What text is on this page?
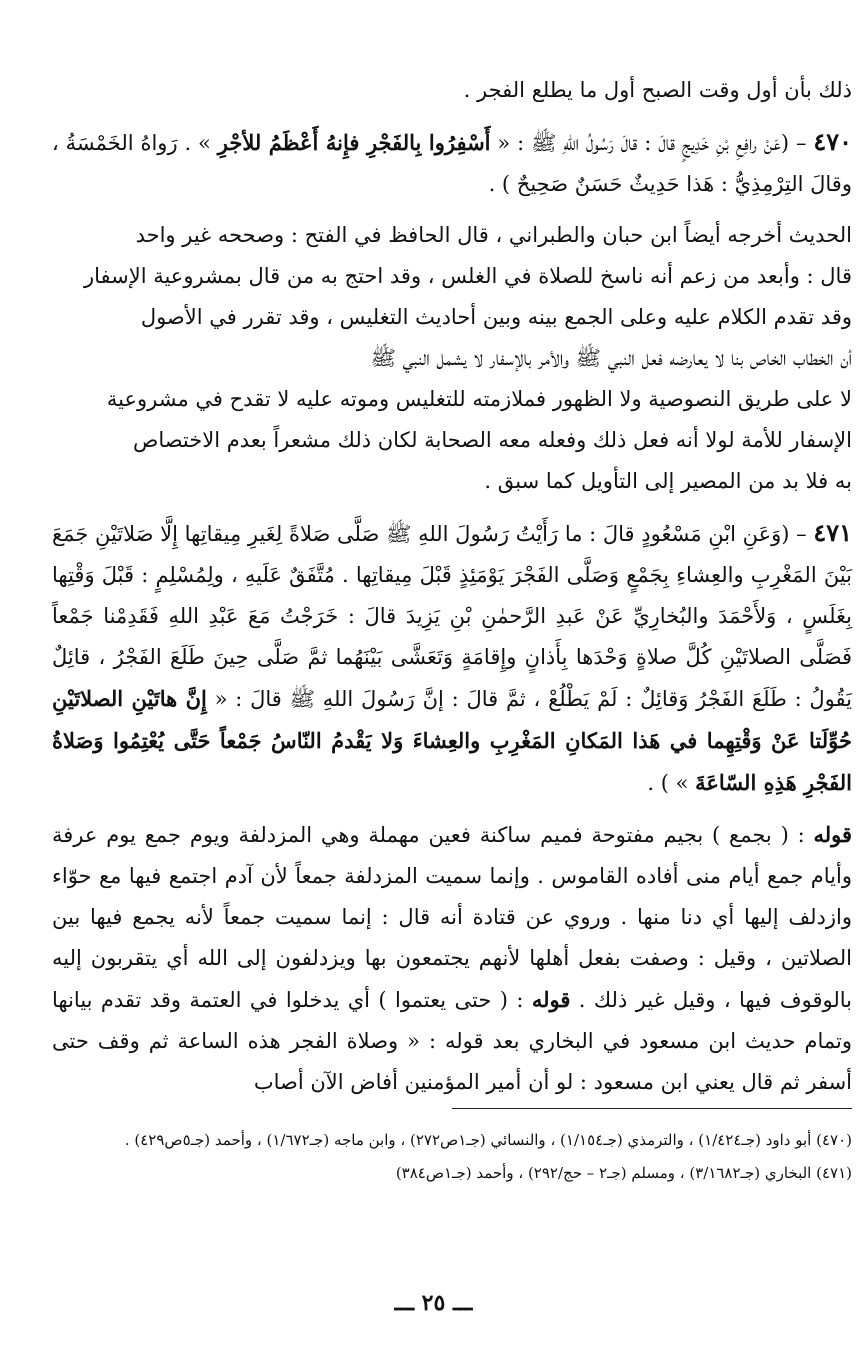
ذلك بأن أول وقت الصبح أول ما يطلع الفجر .

٤٧٠ – (عَنْ رافِعِ بْنِ خَدِيجٍ قالَ : قالَ رَسُولُ اللهِ ﷺ : « أَسْفِرُوا بِالفَجْرِ فإِنهُ أَعْظَمُ للأجْرِ » . رَواهُ الخَمْسَةُ ، وقالَ التِرْمِذِيُّ : هَذا حَدِيثٌ حَسَنٌ صَحِيحٌ ) .

الحديث أخرجه أيضاً ابن حبان والطبراني ، قال الحافظ في الفتح : وصححه غير واحد

قال : وأبعد من زعم أنه ناسخ للصلاة في الغلس ، وقد احتج به من قال بمشروعية الإسفار

وقد تقدم الكلام عليه وعلى الجمع بينه وبين أحاديث التغليس ، وقد تقرر في الأصول

أن الخطاب الخاص بنا لا يعارضه فعل النبي ﷺ والأمر بالإسفار لا يشمل النبي ﷺ

لا على طريق النصوصية ولا الظهور فملازمته للتغليس وموته عليه لا تقدح في مشروعية

الإسفار للأمة لولا أنه فعل ذلك وفعله معه الصحابة لكان ذلك مشعراً بعدم الاختصاص

به فلا بد من المصير إلى التأويل كما سبق .

٤٧١ – (وَعَنِ ابْنِ مَسْعُودٍ قالَ : ما رَأَيْتُ رَسُولَ اللهِ ﷺ صَلَّى صَلاةً لِغَيرِ مِيقاتِها إِلَّا صَلاتَيْنِ جَمَعَ بَيْنَ المَغْرِبِ والعِشاءِ بِجَمْعٍ وَصَلَّى الفَجْرَ يَوْمَئِذٍ قَبْلَ مِيقاتِها . مُتَّفَقٌ عَلَيهِ ، ولِمُسْلِمٍ : قَبْلَ وَقْتِها بِغَلَسٍ ، وَلأَحْمَدَ والبُخارِيِّ عَنْ عَبدِ الرَّحمٰنِ بْنِ يَزِيدَ قالَ : خَرَجْتُ مَعَ عَبْدِ اللهِ فَقَدِمْنا جَمْعاً فَصَلَّى الصلاتَيْنِ كُلَّ صلاةٍ وَحْدَها بِأَذانٍ وإِقامَةٍ وَتَعَشَّى بَيْنَهُما ثمَّ صَلَّى حِينَ طَلَعَ الفَجْرُ ، قائِلٌ يَقُولُ : طَلَعَ الفَجْرُ وَقائِلٌ : لَمْ يَطْلُعْ ، ثمَّ قالَ : إنَّ رَسُولَ اللهِ ﷺ قالَ : « إِنَّ هاتَيْنِ الصلاتَيْنِ حُوِّلَتا عَنْ وَقْتِهِما في هَذا المَكانِ المَغْرِبِ والعِشاءَ وَلا يَقْدمُ النّاسُ جَمْعاً حَتَّى يُعْتِمُوا وَصَلاةُ الفَجْرِ هَذِهِ السّاعَةَ » ) .

قوله : ( بجمع ) بجيم مفتوحة فميم ساكنة فعين مهملة وهي المزدلفة ويوم جمع يوم عرفة وأيام جمع أيام منى أفاده القاموس . وإنما سميت المزدلفة جمعاً لأن آدم اجتمع فيها مع حوّاء وازدلف إليها أي دنا منها . وروي عن قتادة أنه قال : إنما سميت جمعاً لأنه يجمع فيها بين الصلاتين ، وقيل : وصفت بفعل أهلها لأنهم يجتمعون بها ويزدلفون إلى الله أي يتقربون إليه بالوقوف فيها ، وقيل غير ذلك . قوله : ( حتى يعتموا ) أي يدخلوا في العتمة وقد تقدم بيانها وتمام حديث ابن مسعود في البخاري بعد قوله : « وصلاة الفجر هذه الساعة ثم وقف حتى أسفر ثم قال يعني ابن مسعود : لو أن أمير المؤمنين أفاض الآن أصاب

(٤٧٠) أبو داود (جـ١/٤٢٤) ، والترمذي (جـ١/١٥٤) ، والنسائي (جـ١ص٢٧٢) ، وابن ماجه (جـ١/٦٧٢) ، وأحمد (جـ٥ص٤٢٩) .
(٤٧١) البخاري (جـ٣/١٦٨٢) ، ومسلم (جـ٢ – حج/٢٩٢) ، وأحمد (جـ١ص٣٨٤)
ـــ ٢٥ ـــ
